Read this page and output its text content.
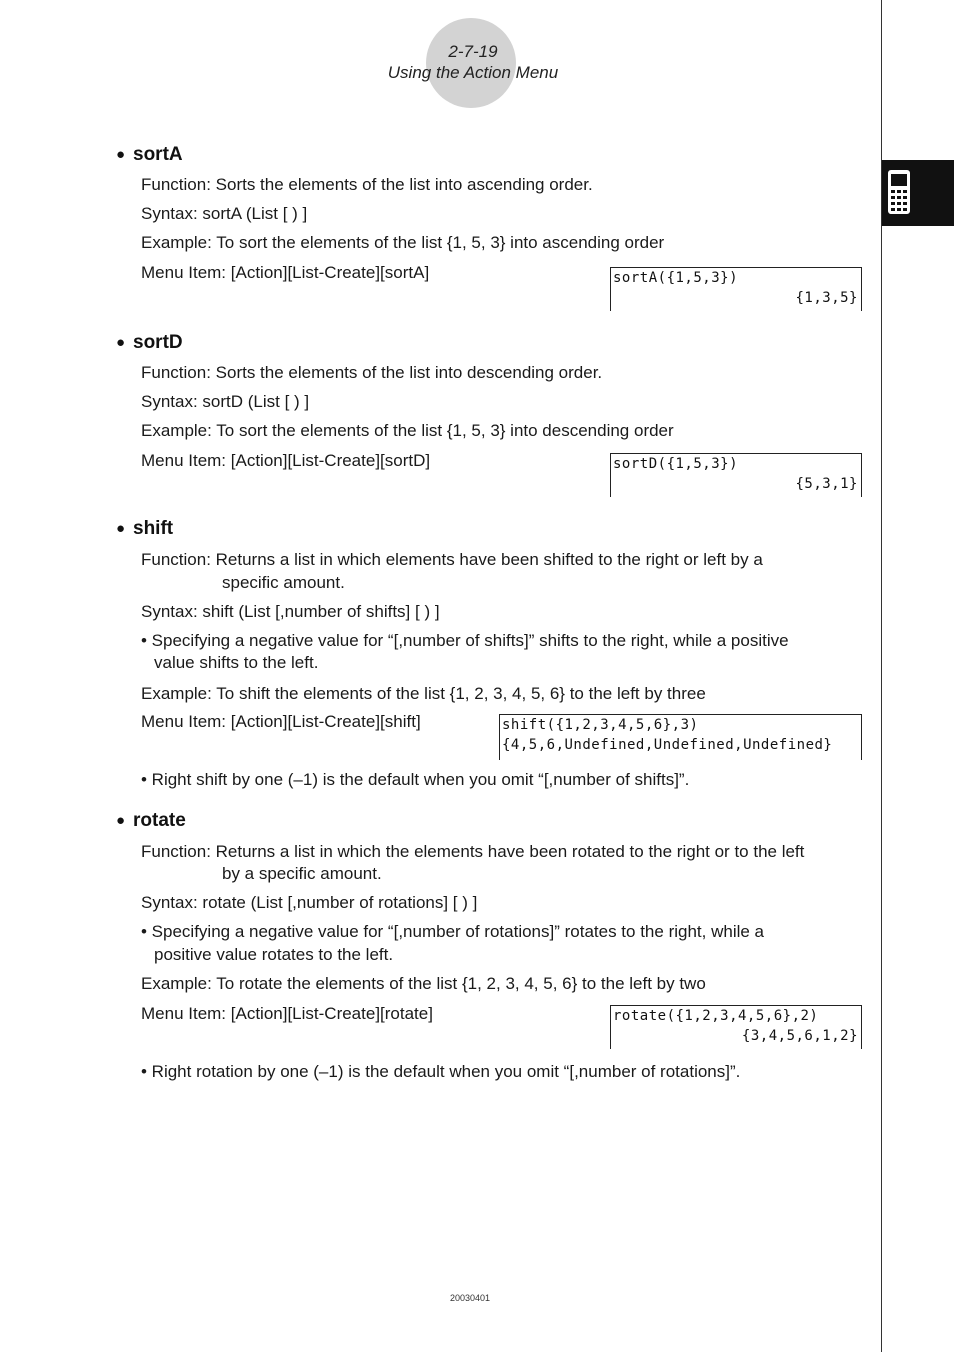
2-7-19
Using the Action Menu
● sortA
Function: Sorts the elements of the list into ascending order.
Syntax: sortA (List [ ) ]
Example: To sort the elements of the list {1, 5, 3} into ascending order
Menu Item: [Action][List-Create][sortA]	sortA({1,5,3})
{1,3,5}
● sortD
Function: Sorts the elements of the list into descending order.
Syntax: sortD (List [ ) ]
Example: To sort the elements of the list {1, 5, 3} into descending order
Menu Item: [Action][List-Create][sortD]	sortD({1,5,3})
{5,3,1}
● shift
Function: Returns a list in which elements have been shifted to the right or left by a
specific amount.
Syntax: shift (List [,number of shifts] [ ) ]
• Specifying a negative value for “[,number of shifts]” shifts to the right, while a positive
value shifts to the left.
Example: To shift the elements of the list {1, 2, 3, 4, 5, 6} to the left by three
Menu Item: [Action][List-Create][shift]	shift({1,2,3,4,5,6},3)
{4,5,6,Undefined,Undefined,Undefined}
• Right shift by one (–1) is the default when you omit “[,number of shifts]”.
● rotate
Function: Returns a list in which the elements have been rotated to the right or to the left
by a specific amount.
Syntax: rotate (List [,number of rotations] [ ) ]
• Specifying a negative value for “[,number of rotations]” rotates to the right, while a
positive value rotates to the left.
Example: To rotate the elements of the list {1, 2, 3, 4, 5, 6} to the left by two
Menu Item: [Action][List-Create][rotate]	rotate({1,2,3,4,5,6},2)
{3,4,5,6,1,2}
• Right rotation by one (–1) is the default when you omit “[,number of rotations]”.
20030401
